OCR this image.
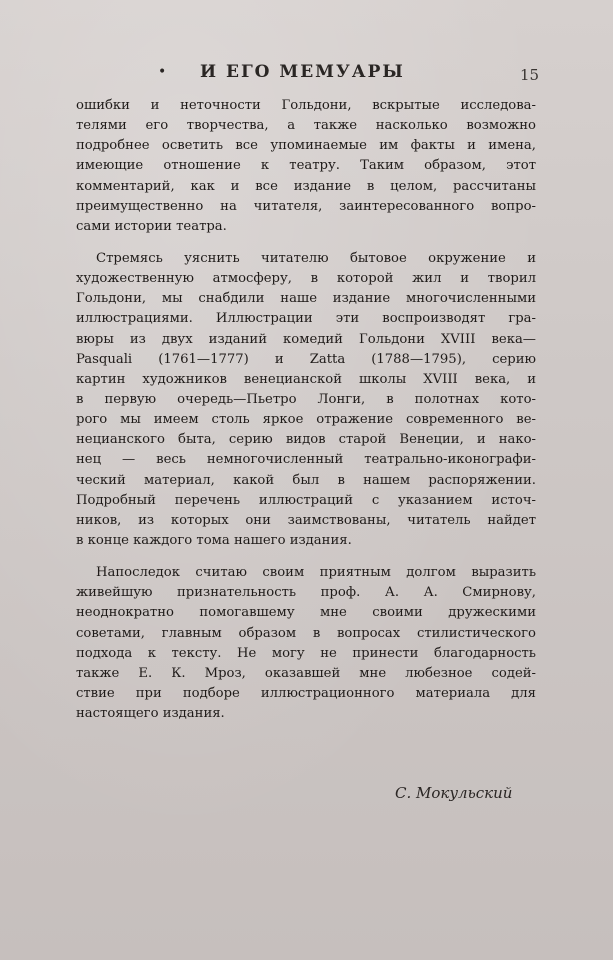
• И ЕГО МЕМУАРЫ	15

ошибки и неточности Гольдони, вскрытые исследова-
телями его творчества, а также насколько возможно
подробнее осветить все упоминаемые им факты и имена,
имеющие отношение к театру. Таким образом, этот
комментарий, как и все издание в целом, рассчитаны
преимущественно на читателя, заинтересованного вопро-
сами истории театра.

Стремясь уяснить читателю бытовое окружение и
художественную атмосферу, в которой жил и творил
Гольдони, мы снабдили наше издание многочисленными
иллюстрациями. Иллюстрации эти воспроизводят гра-
вюры из двух изданий комедий Гольдони XVIII века—
Pasquali (1761—1777) и Zatta (1788—1795), серию
картин художников венецианской школы XVIII века, и
в первую очередь—Пьетро Лонги, в полотнах кото-
рого мы имеем столь яркое отражение современного ве-
нецианского быта, серию видов старой Венеции, и нако-
нец — весь немногочисленный театрально-иконографи-
ческий материал, какой был в нашем распоряжении.
Подробный перечень иллюстраций с указанием источ-
ников, из которых они заимствованы, читатель найдет
в конце каждого тома нашего издания.

Напоследок считаю своим приятным долгом выразить
живейшую признательность проф. А. А. Смирнову,
неоднократно помогавшему мне своими дружескими
советами, главным образом в вопросах стилистического
подхода к тексту. Не могу не принести благодарность
также Е. К. Мроз, оказавшей мне любезное содей-
ствие при подборе иллюстрационного материала для
настоящего издания.

С. Мокульский
